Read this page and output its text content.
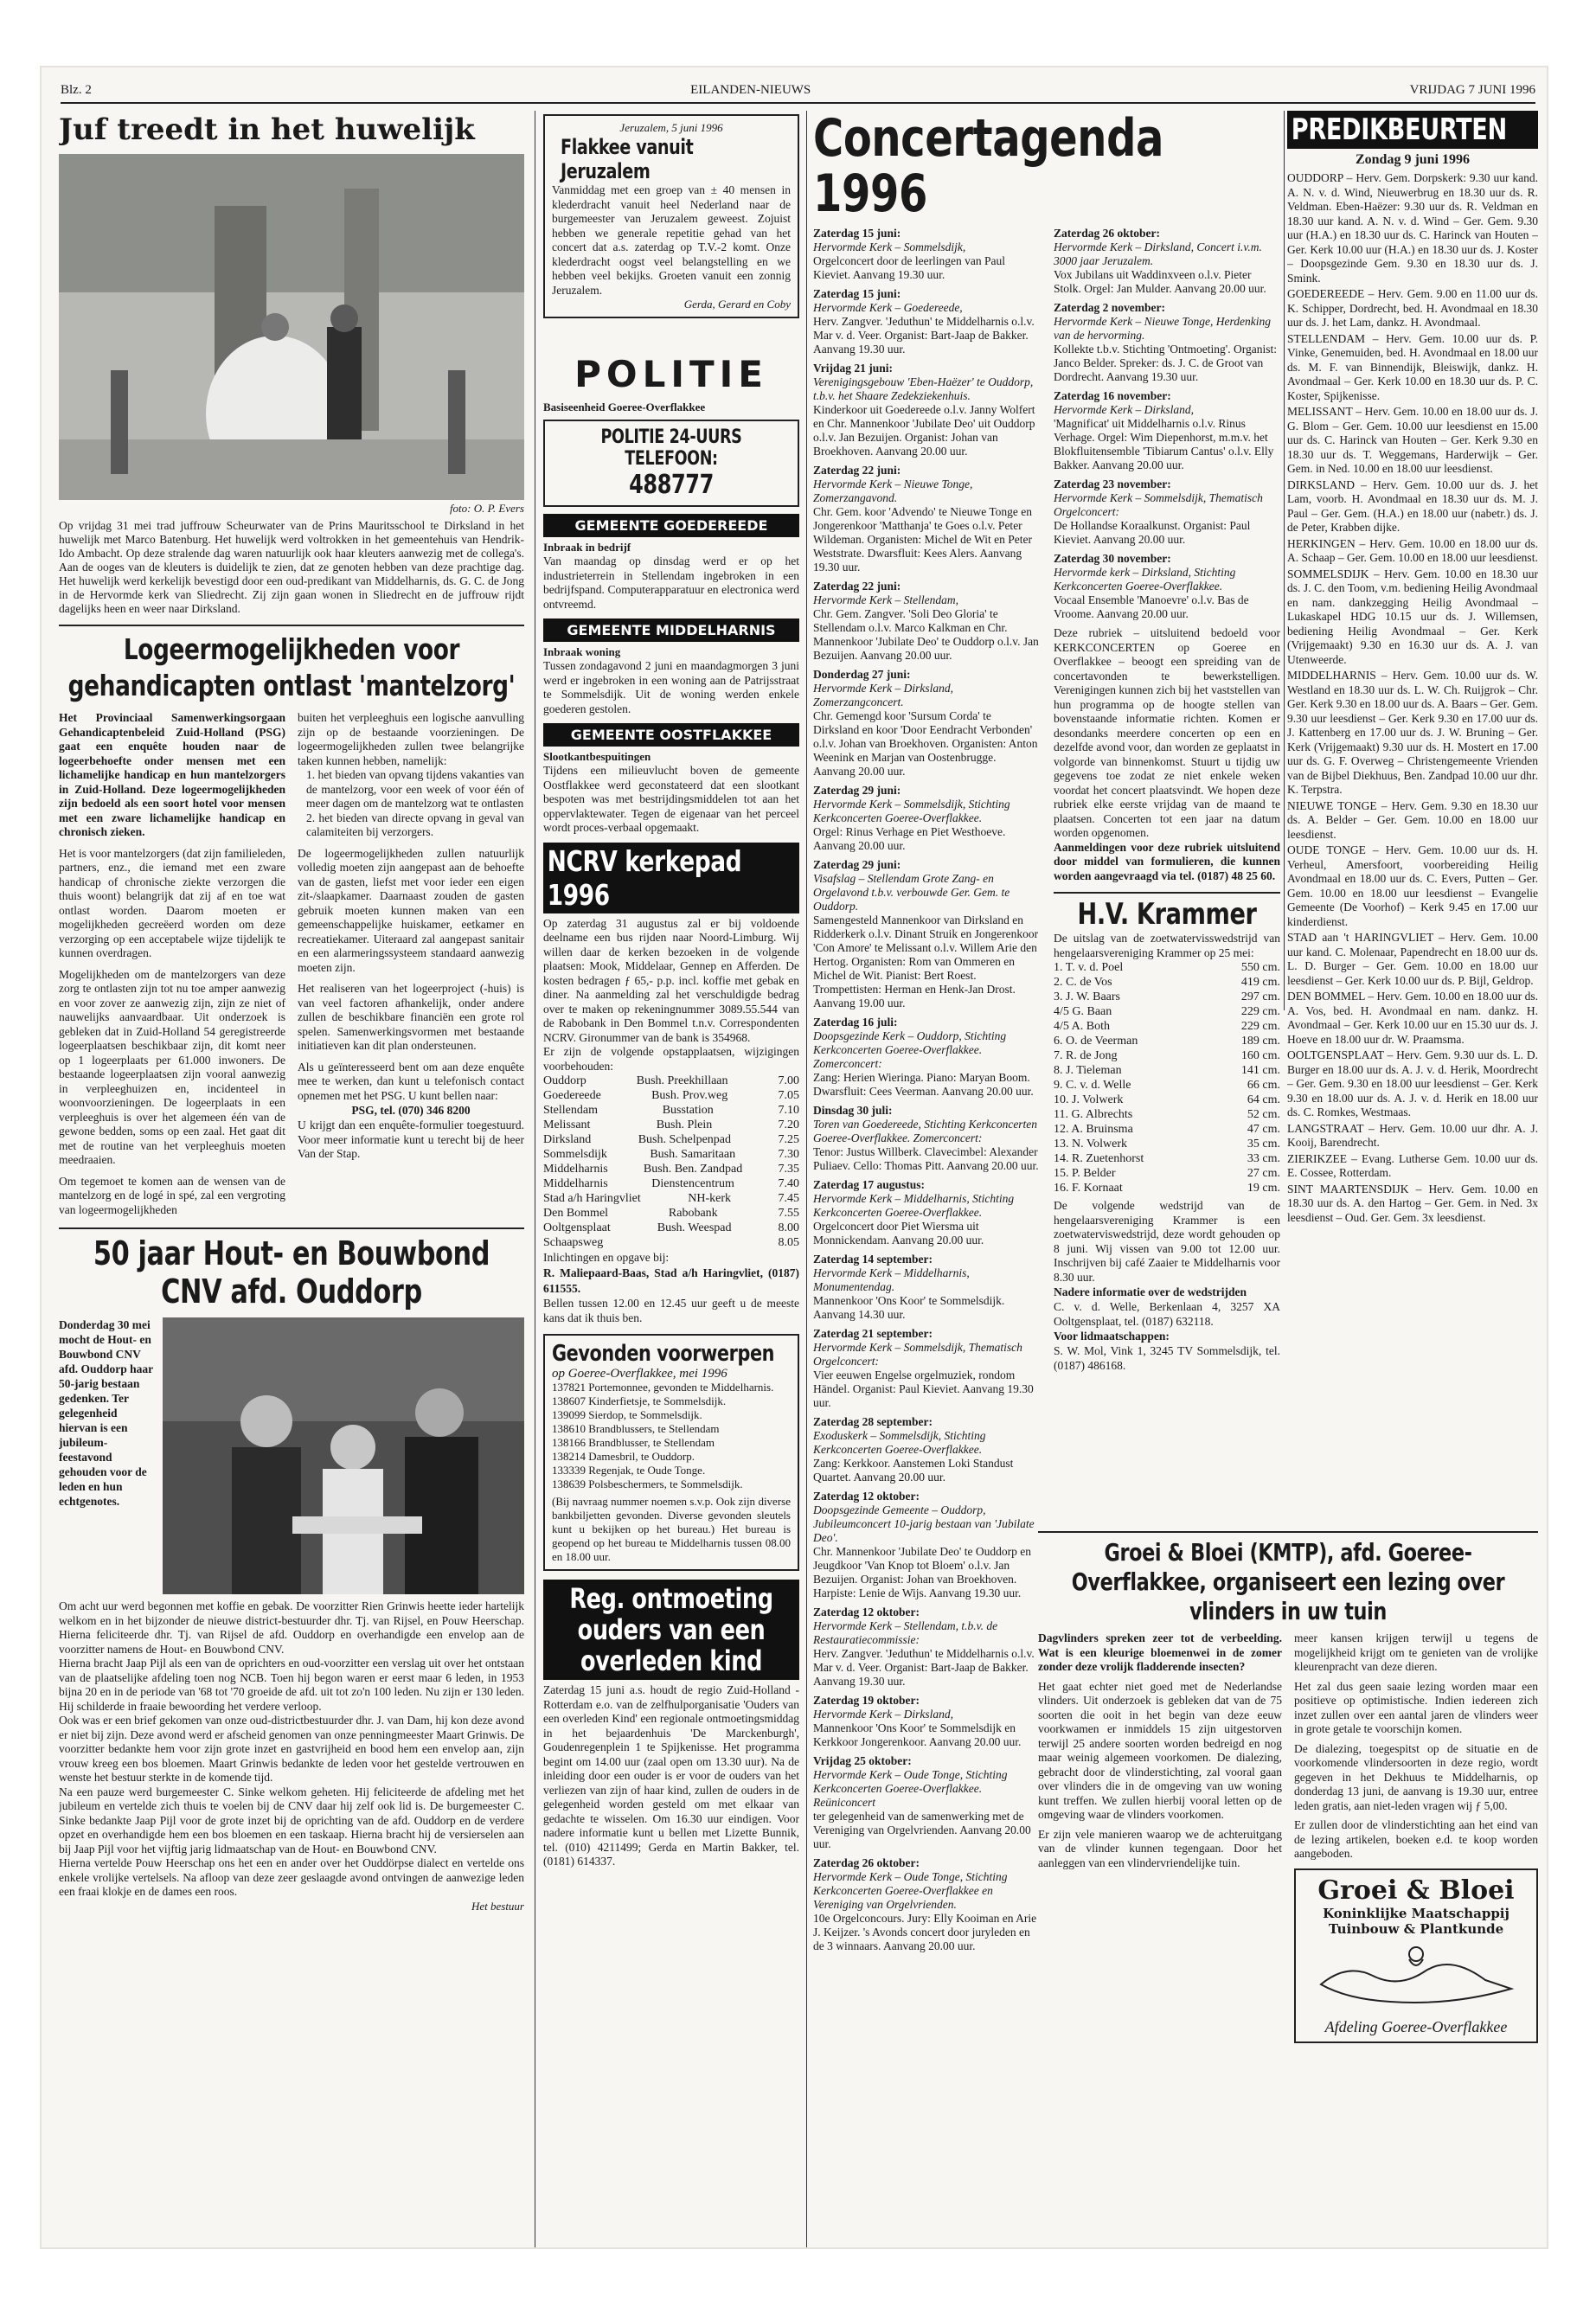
Blz. 2	EILANDEN-NIEUWS	VRIJDAG 7 JUNI 1996
Juf treedt in het huwelijk
foto: O. P. Evers
Op vrijdag 31 mei trad juffrouw Scheurwater van de Prins Mauritsschool te Dirksland in het huwelijk met Marco Batenburg. Het huwelijk werd voltrokken in het gemeentehuis van Hendrik-Ido Ambacht. Op deze stralende dag waren natuurlijk ook haar kleuters aanwezig met de collega's. Aan de ooges van de kleuters is duidelijk te zien, dat ze genoten hebben van deze prachtige dag. Het huwelijk werd kerkelijk bevestigd door een oud-predikant van Middelharnis, ds. G. C. de Jong in de Hervormde kerk van Sliedrecht. Zij zijn gaan wonen in Sliedrecht en de juffrouw rijdt dagelijks heen en weer naar Dirksland.
Logeermogelijkheden voor gehandicapten ontlast 'mantelzorg'
Het Provinciaal Samenwerkingsorgaan Gehandicaptenbeleid Zuid-Holland (PSG) gaat een enquête houden naar de logeerbehoefte onder mensen met een lichamelijke handicap en hun mantelzorgers in Zuid-Holland. Deze logeermogelijkheden zijn bedoeld als een soort hotel voor mensen met een zware lichamelijke handicap en chronisch zieken.
Het is voor mantelzorgers (dat zijn familieleden, partners, enz., die iemand met een zware handicap of chronische ziekte verzorgen die thuis woont) belangrijk dat zij af en toe wat ontlast worden. Daarom moeten er mogelijkheden gecreëerd worden om deze verzorging op een acceptabele wijze tijdelijk te kunnen overdragen.
Mogelijkheden om de mantelzorgers van deze zorg te ontlasten zijn tot nu toe amper aanwezig en voor zover ze aanwezig zijn, zijn ze niet of nauwelijks aanvaardbaar. Uit onderzoek is gebleken dat in Zuid-Holland 54 geregistreerde logeerplaatsen beschikbaar zijn, dit komt neer op 1 logeerplaats per 61.000 inwoners. De bestaande logeerplaatsen zijn vooral aanwezig in verpleeghuizen en, incidenteel in woonvoorzieningen. De logeerplaats in een verpleeghuis is over het algemeen één van de gewone bedden, soms op een zaal. Het gaat dit met de routine van het verpleeghuis moeten meedraaien.
Om tegemoet te komen aan de wensen van de mantelzorg en de logé in spé, zal een vergroting van logeermogelijkheden
buiten het verpleeghuis een logische aanvulling zijn op de bestaande voorzieningen. De logeermogelijkheden zullen twee belangrijke taken kunnen hebben, namelijk:
1. het bieden van opvang tijdens vakanties van de mantelzorg, voor een week of voor één of meer dagen om de mantelzorg wat te ontlasten
2. het bieden van directe opvang in geval van calamiteiten bij verzorgers.
De logeermogelijkheden zullen natuurlijk volledig moeten zijn aangepast aan de behoefte van de gasten, liefst met voor ieder een eigen zit-/slaapkamer. Daarnaast zouden de gasten gebruik moeten kunnen maken van een gemeenschappelijke huiskamer, eetkamer en recreatiekamer. Uiteraard zal aangepast sanitair en een alarmeringssysteem standaard aanwezig moeten zijn.
Het realiseren van het logeerproject (-huis) is van veel factoren afhankelijk, onder andere zullen de beschikbare financiën een grote rol spelen. Samenwerkingsvormen met bestaande initiatieven kan dit plan ondersteunen.
Als u geïnteresseerd bent om aan deze enquête mee te werken, dan kunt u telefonisch contact opnemen met het PSG. U kunt bellen naar:
PSG, tel. (070) 346 8200
U krijgt dan een enquête-formulier toegestuurd. Voor meer informatie kunt u terecht bij de heer Van der Stap.
50 jaar Hout- en Bouwbond CNV afd. Ouddorp
Donderdag 30 mei mocht de Hout- en Bouwbond CNV afd. Ouddorp haar 50-jarig bestaan gedenken. Ter gelegenheid hiervan is een jubileum-feestavond gehouden voor de leden en hun echtgenotes.
Om acht uur werd begonnen met koffie en gebak. De voorzitter Rien Grinwis heette ieder hartelijk welkom en in het bijzonder de nieuwe district-bestuurder dhr. Tj. van Rijsel, en Pouw Heerschap. Hierna feliciteerde dhr. Tj. van Rijsel de afd. Ouddorp en overhandigde een envelop aan de voorzitter namens de Hout- en Bouwbond CNV.
Hierna bracht Jaap Pijl als een van de oprichters en oud-voorzitter een verslag uit over het ontstaan van de plaatselijke afdeling toen nog NCB. Toen hij begon waren er eerst maar 6 leden, in 1953 bijna 20 en in de periode van '68 tot '70 groeide de afd. uit tot zo'n 100 leden. Nu zijn er 130 leden. Hij schilderde in fraaie bewoording het verdere verloop.
Ook was er een brief gekomen van onze oud-districtbestuurder dhr. J. van Dam, hij kon deze avond er niet bij zijn. Deze avond werd er afscheid genomen van onze penningmeester Maart Grinwis. De voorzitter bedankte hem voor zijn grote inzet en gastvrijheid en bood hem een envelop aan, zijn vrouw kreeg een bos bloemen. Maart Grinwis bedankte de leden voor het gestelde vertrouwen en wenste het bestuur sterkte in de komende tijd.
Na een pauze werd burgemeester C. Sinke welkom geheten. Hij feliciteerde de afdeling met het jubileum en vertelde zich thuis te voelen bij de CNV daar hij zelf ook lid is. De burgemeester C. Sinke bedankte Jaap Pijl voor de grote inzet bij de oprichting van de afd. Ouddorp en de verdere opzet en overhandigde hem een bos bloemen en een taskaap. Hierna bracht hij de versierselen aan bij Jaap Pijl voor het vijftig jarig lidmaatschap van de Hout- en Bouwbond CNV.
Hierna vertelde Pouw Heerschap ons het een en ander over het Ouddörpse dialect en vertelde ons enkele vrolijke vertelsels. Na afloop van deze zeer geslaagde avond ontvingen de aanwezige leden een fraai klokje en de dames een roos.
Het bestuur
Jeruzalem, 5 juni 1996
Flakkee vanuit Jeruzalem
Vanmiddag met een groep van ± 40 mensen in klederdracht vanuit heel Nederland naar de burgemeester van Jeruzalem geweest. Zojuist hebben we generale repetitie gehad van het concert dat a.s. zaterdag op T.V.-2 komt. Onze klederdracht oogst veel belangstelling en we hebben veel bekijks. Groeten vanuit een zonnig Jeruzalem.
Gerda, Gerard en Coby
POLITIE
Basiseenheid Goeree-Overflakkee
POLITIE 24-UURS TELEFOON:
488777
GEMEENTE GOEDEREEDE
Inbraak in bedrijf
Van maandag op dinsdag werd er op het industrieterrein in Stellendam ingebroken in een bedrijfspand. Computerapparatuur en electronica werd ontvreemd.
GEMEENTE MIDDELHARNIS
Inbraak woning
Tussen zondagavond 2 juni en maandagmorgen 3 juni werd er ingebroken in een woning aan de Patrijsstraat te Sommelsdijk. Uit de woning werden enkele goederen gestolen.
GEMEENTE OOSTFLAKKEE
Slootkantbespuitingen
Tijdens een milieuvlucht boven de gemeente Oostflakkee werd geconstateerd dat een slootkant bespoten was met bestrijdingsmiddelen tot aan het oppervlaktewater. Tegen de eigenaar van het perceel wordt proces-verbaal opgemaakt.
NCRV kerkepad 1996
Op zaterdag 31 augustus zal er bij voldoende deelname een bus rijden naar Noord-Limburg. Wij willen daar de kerken bezoeken in de volgende plaatsen: Mook, Middelaar, Gennep en Afferden. De kosten bedragen ƒ 65,- p.p. incl. koffie met gebak en diner. Na aanmelding zal het verschuldigde bedrag over te maken op rekeningnummer 3089.55.544 van de Rabobank in Den Bommel t.n.v. Correspondenten NCRV. Gironummer van de bank is 354968.
Er zijn de volgende opstapplaatsen, wijzigingen voorbehouden:
Ouddorp	Bush. Preekhillaan	7.00
Goedereede	Bush. Prov.weg	7.05
Stellendam	Busstation	7.10
Melissant	Bush. Plein	7.20
Dirksland	Bush. Schelpenpad	7.25
Sommelsdijk	Bush. Samaritaan	7.30
Middelharnis	Bush. Ben. Zandpad	7.35
Middelharnis	Dienstencentrum	7.40
Stad a/h Haringvliet	NH-kerk	7.45
Den Bommel	Rabobank	7.55
Ooltgensplaat	Bush. Weespad	8.00
Schaapsweg	8.05
Inlichtingen en opgave bij:
R. Maliepaard-Baas, Stad a/h Haringvliet, (0187) 611555.
Bellen tussen 12.00 en 12.45 uur geeft u de meeste kans dat ik thuis ben.
Gevonden voorwerpen
op Goeree-Overflakkee, mei 1996
137821 Portemonnee, gevonden te Middelharnis.
138607 Kinderfietsje, te Sommelsdijk.
139099 Sierdop, te Sommelsdijk.
138610 Brandblussers, te Stellendam
138166 Brandblusser, te Stellendam
138214 Damesbril, te Ouddorp.
133339 Regenjak, te Oude Tonge.
138639 Polsbeschermers, te Sommelsdijk.
(Bij navraag nummer noemen s.v.p. Ook zijn diverse bankbiljetten gevonden. Diverse gevonden sleutels kunt u bekijken op het bureau.) Het bureau is geopend op het bureau te Middelharnis tussen 08.00 en 18.00 uur.
Reg. ontmoeting ouders van een overleden kind
Zaterdag 15 juni a.s. houdt de regio Zuid-Holland - Rotterdam e.o. van de zelfhulporganisatie 'Ouders van een overleden Kind' een regionale ontmoetingsmiddag in het bejaardenhuis 'De Marckenburgh', Goudenregenplein 1 te Spijkenisse. Het programma begint om 14.00 uur (zaal open om 13.30 uur). Na de inleiding door een ouder is er voor de ouders van het verliezen van zijn of haar kind, zullen de ouders in de gelegenheid worden gesteld om met elkaar van gedachte te wisselen. Om 16.30 uur eindigen. Voor nadere informatie kunt u bellen met Lizette Bunnik, tel. (010) 4211499; Gerda en Martin Bakker, tel. (0181) 614337.
Concertagenda 1996
Zaterdag 15 juni:
Hervormde Kerk – Sommelsdijk,
Orgelconcert door de leerlingen van Paul Kieviet. Aanvang 19.30 uur.
Zaterdag 15 juni:
Hervormde Kerk – Goedereede,
Herv. Zangver. 'Jeduthun' te Middelharnis o.l.v. Mar v. d. Veer. Organist: Bart-Jaap de Bakker. Aanvang 19.30 uur.
Vrijdag 21 juni:
Verenigingsgebouw 'Eben-Haëzer' te Ouddorp, t.b.v. het Shaare Zedekziekenhuis.
Kinderkoor uit Goedereede o.l.v. Janny Wolfert en Chr. Mannenkoor 'Jubilate Deo' uit Ouddorp o.l.v. Jan Bezuijen. Organist: Johan van Broekhoven. Aanvang 20.00 uur.
Zaterdag 22 juni:
Hervormde Kerk – Nieuwe Tonge, Zomerzangavond.
Chr. Gem. koor 'Advendo' te Nieuwe Tonge en Jongerenkoor 'Matthanja' te Goes o.l.v. Peter Wildeman. Organisten: Michel de Wit en Peter Weststrate. Dwarsfluit: Kees Alers. Aanvang 19.30 uur.
Zaterdag 22 juni:
Hervormde Kerk – Stellendam,
Chr. Gem. Zangver. 'Soli Deo Gloria' te Stellendam o.l.v. Marco Kalkman en Chr. Mannenkoor 'Jubilate Deo' te Ouddorp o.l.v. Jan Bezuijen. Aanvang 20.00 uur.
Donderdag 27 juni:
Hervormde Kerk – Dirksland, Zomerzangconcert.
Chr. Gemengd koor 'Sursum Corda' te Dirksland en koor 'Door Eendracht Verbonden' o.l.v. Johan van Broekhoven. Organisten: Anton Weenink en Marjan van Oostenbrugge. Aanvang 20.00 uur.
Zaterdag 29 juni:
Hervormde Kerk – Sommelsdijk, Stichting Kerkconcerten Goeree-Overflakkee.
Orgel: Rinus Verhage en Piet Westhoeve. Aanvang 20.00 uur.
Zaterdag 29 juni:
Visafslag – Stellendam Grote Zang- en Orgelavond t.b.v. verbouwde Ger. Gem. te Ouddorp.
Samengesteld Mannenkoor van Dirksland en Ridderkerk o.l.v. Dinant Struik en Jongerenkoor 'Con Amore' te Melissant o.l.v. Willem Arie den Hertog. Organisten: Rom van Ommeren en Michel de Wit. Pianist: Bert Roest. Trompettisten: Herman en Henk-Jan Drost. Aanvang 19.00 uur.
Zaterdag 16 juli:
Doopsgezinde Kerk – Ouddorp, Stichting Kerkconcerten Goeree-Overflakkee. Zomerconcert:
Zang: Herien Wieringa. Piano: Maryan Boom. Dwarsfluit: Cees Veerman. Aanvang 20.00 uur.
Dinsdag 30 juli:
Toren van Goedereede, Stichting Kerkconcerten Goeree-Overflakkee. Zomerconcert:
Tenor: Justus Willberk. Clavecimbel: Alexander Puliaev. Cello: Thomas Pitt. Aanvang 20.00 uur.
Zaterdag 17 augustus:
Hervormde Kerk – Middelharnis, Stichting Kerkconcerten Goeree-Overflakkee.
Orgelconcert door Piet Wiersma uit Monnickendam. Aanvang 20.00 uur.
Zaterdag 14 september:
Hervormde Kerk – Middelharnis, Monumentendag.
Mannenkoor 'Ons Koor' te Sommelsdijk. Aanvang 14.30 uur.
Zaterdag 21 september:
Hervormde Kerk – Sommelsdijk, Thematisch Orgelconcert:
Vier eeuwen Engelse orgelmuziek, rondom Händel. Organist: Paul Kieviet. Aanvang 19.30 uur.
Zaterdag 28 september:
Exoduskerk – Sommelsdijk, Stichting Kerkconcerten Goeree-Overflakkee.
Zang: Kerkkoor. Aanstemen Loki Standust Quartet. Aanvang 20.00 uur.
Zaterdag 12 oktober:
Doopsgezinde Gemeente – Ouddorp, Jubileumconcert 10-jarig bestaan van 'Jubilate Deo'.
Chr. Mannenkoor 'Jubilate Deo' te Ouddorp en Jeugdkoor 'Van Knop tot Bloem' o.l.v. Jan Bezuijen. Organist: Johan van Broekhoven. Harpiste: Lenie de Wijs. Aanvang 19.30 uur.
Zaterdag 12 oktober:
Hervormde Kerk – Stellendam, t.b.v. de Restauratiecommissie:
Herv. Zangver. 'Jeduthun' te Middelharnis o.l.v. Mar v. d. Veer. Organist: Bart-Jaap de Bakker. Aanvang 19.30 uur.
Zaterdag 19 oktober:
Hervormde Kerk – Dirksland,
Mannenkoor 'Ons Koor' te Sommelsdijk en Kerkkoor Jongerenkoor. Aanvang 20.00 uur.
Vrijdag 25 oktober:
Hervormde Kerk – Oude Tonge, Stichting Kerkconcerten Goeree-Overflakkee. Reüniconcert
ter gelegenheid van de samenwerking met de Vereniging van Orgelvrienden. Aanvang 20.00 uur.
Zaterdag 26 oktober:
Hervormde Kerk – Oude Tonge, Stichting Kerkconcerten Goeree-Overflakkee en Vereniging van Orgelvrienden.
10e Orgelconcours. Jury: Elly Kooiman en Arie J. Keijzer. 's Avonds concert door juryleden en de 3 winnaars. Aanvang 20.00 uur.
Zaterdag 26 oktober:
Hervormde Kerk – Dirksland, Concert i.v.m. 3000 jaar Jeruzalem.
Vox Jubilans uit Waddinxveen o.l.v. Pieter Stolk. Orgel: Jan Mulder. Aanvang 20.00 uur.
Zaterdag 2 november:
Hervormde Kerk – Nieuwe Tonge, Herdenking van de hervorming.
Kollekte t.b.v. Stichting 'Ontmoeting'. Organist: Janco Belder. Spreker: ds. J. C. de Groot van Dordrecht. Aanvang 19.30 uur.
Zaterdag 16 november:
Hervormde Kerk – Dirksland,
'Magnificat' uit Middelharnis o.l.v. Rinus Verhage. Orgel: Wim Diepenhorst, m.m.v. het Blokfluitensemble 'Tibiarum Cantus' o.l.v. Elly Bakker. Aanvang 20.00 uur.
Zaterdag 23 november:
Hervormde Kerk – Sommelsdijk, Thematisch Orgelconcert:
De Hollandse Koraalkunst. Organist: Paul Kieviet. Aanvang 20.00 uur.
Zaterdag 30 november:
Hervormde kerk – Dirksland, Stichting Kerkconcerten Goeree-Overflakkee.
Vocaal Ensemble 'Manoevre' o.l.v. Bas de Vroome. Aanvang 20.00 uur.
Deze rubriek – uitsluitend bedoeld voor KERKCONCERTEN op Goeree en Overflakkee – beoogt een spreiding van de concertavonden te bewerkstelligen. Verenigingen kunnen zich bij het vaststellen van hun programma op de hoogte stellen van bovenstaande informatie richten. Komen er desondanks meerdere concerten op een en dezelfde avond voor, dan worden ze geplaatst in volgorde van binnenkomst. Stuurt u tijdig uw gegevens toe zodat ze niet enkele weken voordat het concert plaatsvindt. We hopen deze rubriek elke eerste vrijdag van de maand te plaatsen. Concerten tot een jaar na datum worden opgenomen.
Aanmeldingen voor deze rubriek uitsluitend door middel van formulieren, die kunnen worden aangevraagd via tel. (0187) 48 25 60.
H.V. Krammer
De uitslag van de zoetwatervisswedstrijd van hengelaarsvereniging Krammer op 25 mei:
1. T. v. d. Poel	550 cm.
2. C. de Vos	419 cm.
3. J. W. Baars	297 cm.
4/5 G. Baan	229 cm.
4/5 A. Both	229 cm.
6. O. de Veerman	189 cm.
7. R. de Jong	160 cm.
8. J. Tieleman	141 cm.
9. C. v. d. Welle	66 cm.
10. J. Volwerk	64 cm.
11. G. Albrechts	52 cm.
12. A. Bruinsma	47 cm.
13. N. Volwerk	35 cm.
14. R. Zuetenhorst	33 cm.
15. P. Belder	27 cm.
16. F. Kornaat	19 cm.
De volgende wedstrijd van de hengelaarsvereniging Krammer is een zoetwaterviswedstrijd, deze wordt gehouden op 8 juni. Wij vissen van 9.00 tot 12.00 uur. Inschrijven bij café Zaaier te Middelharnis voor 8.30 uur.
Nadere informatie over de wedstrijden
C. v. d. Welle, Berkenlaan 4, 3257 XA Ooltgensplaat, tel. (0187) 632118.
Voor lidmaatschappen:
S. W. Mol, Vink 1, 3245 TV Sommelsdijk, tel. (0187) 486168.
Groei & Bloei (KMTP), afd. Goeree-Overflakkee, organiseert een lezing over vlinders in uw tuin
Dagvlinders spreken zeer tot de verbeelding. Wat is een kleurige bloemenwei in de zomer zonder deze vrolijk fladderende insecten?
Het gaat echter niet goed met de Nederlandse vlinders. Uit onderzoek is gebleken dat van de 75 soorten die ooit in het begin van deze eeuw voorkwamen er inmiddels 15 zijn uitgestorven terwijl 25 andere soorten worden bedreigd en nog maar weinig algemeen voorkomen. De dialezing, gebracht door de vlinderstichting, zal vooral gaan over vlinders die in de omgeving van uw woning kunt treffen. We zullen hierbij vooral letten op de omgeving waar de vlinders voorkomen.
Er zijn vele manieren waarop we de achteruitgang van de vlinder kunnen tegengaan. Door het aanleggen van een vlindervriendelijke tuin.
meer kansen krijgen terwijl u tegens de mogelijkheid krijgt om te genieten van de vrolijke kleurenpracht van deze dieren.
Het zal dus geen saaie lezing worden maar een positieve op optimistische. Indien iedereen zich inzet zullen over een aantal jaren de vlinders weer in grote getale te voorschijn komen.
De dialezing, toegespitst op de situatie en de voorkomende vlindersoorten in deze regio, wordt gegeven in het Dekhuus te Middelharnis, op donderdag 13 juni, de aanvang is 19.30 uur, entree leden gratis, aan niet-leden vragen wij ƒ 5,00.
Er zullen door de vlinderstichting aan het eind van de lezing artikelen, boeken e.d. te koop worden aangeboden.
Groei & Bloei
Koninklijke Maatschappij Tuinbouw & Plantkunde
Afdeling Goeree-Overflakkee
PREDIKBEURTEN
Zondag 9 juni 1996
OUDDORP – Herv. Gem. Dorpskerk: 9.30 uur kand. A. N. v. d. Wind, Nieuwerbrug en 18.30 uur ds. R. Veldman. Eben-Haëzer: 9.30 uur ds. R. Veldman en 18.30 uur kand. A. N. v. d. Wind – Ger. Gem. 9.30 uur (H.A.) en 18.30 uur ds. C. Harinck van Houten – Ger. Kerk 10.00 uur (H.A.) en 18.30 uur ds. J. Koster – Doopsgezinde Gem. 9.30 en 18.30 uur ds. J. Smink.
GOEDEREEDE – Herv. Gem. 9.00 en 11.00 uur ds. K. Schipper, Dordrecht, bed. H. Avondmaal en 18.30 uur ds. J. het Lam, dankz. H. Avondmaal.
STELLENDAM – Herv. Gem. 10.00 uur ds. P. Vinke, Genemuiden, bed. H. Avondmaal en 18.00 uur ds. M. F. van Binnendijk, Bleiswijk, dankz. H. Avondmaal – Ger. Kerk 10.00 en 18.30 uur ds. P. C. Koster, Spijkenisse.
MELISSANT – Herv. Gem. 10.00 en 18.00 uur ds. J. G. Blom – Ger. Gem. 10.00 uur leesdienst en 15.00 uur ds. C. Harinck van Houten – Ger. Kerk 9.30 en 18.30 uur ds. T. Weggemans, Harderwijk – Ger. Gem. in Ned. 10.00 en 18.00 uur leesdienst.
DIRKSLAND – Herv. Gem. 10.00 uur ds. J. het Lam, voorb. H. Avondmaal en 18.30 uur ds. M. J. Paul – Ger. Gem. (H.A.) en 18.00 uur (nabetr.) ds. J. de Peter, Krabben dijke.
HERKINGEN – Herv. Gem. 10.00 en 18.00 uur ds. A. Schaap – Ger. Gem. 10.00 en 18.00 uur leesdienst.
SOMMELSDIJK – Herv. Gem. 10.00 en 18.30 uur ds. J. C. den Toom, v.m. bediening Heilig Avondmaal en nam. dankzegging Heilig Avondmaal – Lukaskapel HDG 10.15 uur ds. J. Willemsen, bediening Heilig Avondmaal – Ger. Kerk (Vrijgemaakt) 9.30 en 16.30 uur ds. A. J. van Utenweerde.
MIDDELHARNIS – Herv. Gem. 10.00 uur ds. W. Westland en 18.30 uur ds. L. W. Ch. Ruijgrok – Chr. Ger. Kerk 9.30 en 18.00 uur ds. A. Baars – Ger. Gem. 9.30 uur leesdienst – Ger. Kerk 9.30 en 17.00 uur ds. J. Kattenberg en 17.00 uur ds. J. W. Bruning – Ger. Kerk (Vrijgemaakt) 9.30 uur ds. H. Mostert en 17.00 uur ds. G. F. Overweg – Christengemeente Vrienden van de Bijbel Diekhuus, Ben. Zandpad 10.00 uur dhr. K. Terpstra.
NIEUWE TONGE – Herv. Gem. 9.30 en 18.30 uur ds. A. Belder – Ger. Gem. 10.00 en 18.00 uur leesdienst.
OUDE TONGE – Herv. Gem. 10.00 uur ds. H. Verheul, Amersfoort, voorbereiding Heilig Avondmaal en 18.00 uur ds. C. Evers, Putten – Ger. Gem. 10.00 en 18.00 uur leesdienst – Evangelie Gemeente (De Voorhof) – Kerk 9.45 en 17.00 uur kinderdienst.
STAD aan 't HARINGVLIET – Herv. Gem. 10.00 uur kand. C. Molenaar, Papendrecht en 18.00 uur ds. L. D. Burger – Ger. Gem. 10.00 en 18.00 uur leesdienst – Ger. Kerk 10.00 uur ds. P. Bijl, Geldrop.
DEN BOMMEL – Herv. Gem. 10.00 en 18.00 uur ds. A. Vos, bed. H. Avondmaal en nam. dankz. H. Avondmaal – Ger. Kerk 10.00 uur en 15.30 uur ds. J. Hoeve en 18.00 uur dr. W. Praamsma.
OOLTGENSPLAAT – Herv. Gem. 9.30 uur ds. L. D. Burger en 18.00 uur ds. A. J. v. d. Herik, Moordrecht – Ger. Gem. 9.30 en 18.00 uur leesdienst – Ger. Kerk 9.30 en 18.00 uur ds. A. J. v. d. Herik en 18.00 uur ds. C. Romkes, Westmaas.
LANGSTRAAT – Herv. Gem. 10.00 uur dhr. A. J. Kooij, Barendrecht.
ZIERIKZEE – Evang. Lutherse Gem. 10.00 uur ds. E. Cossee, Rotterdam.
SINT MAARTENSDIJK – Herv. Gem. 10.00 en 18.30 uur ds. A. den Hartog – Ger. Gem. in Ned. 3x leesdienst – Oud. Ger. Gem. 3x leesdienst.
